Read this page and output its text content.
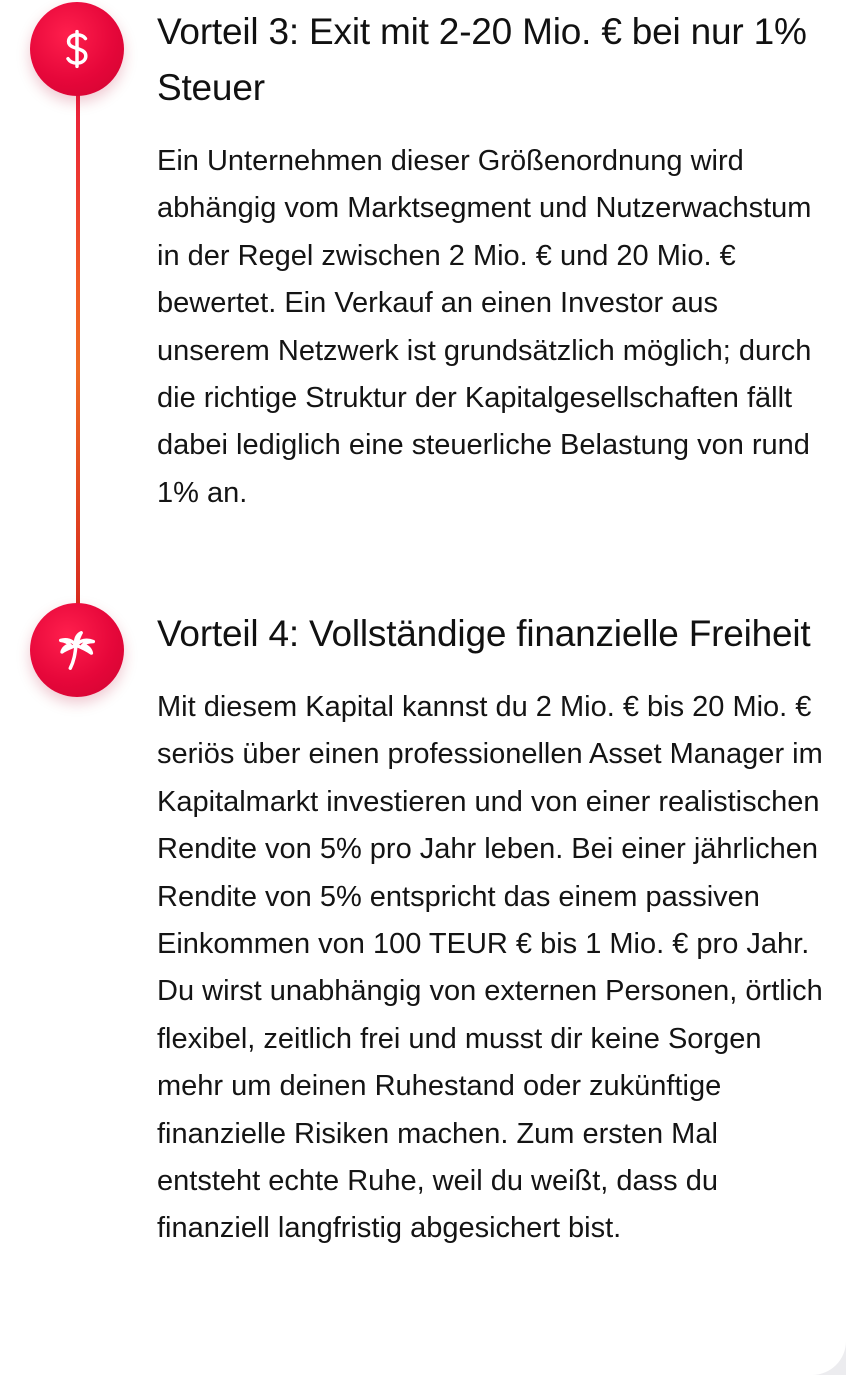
Vorteil 3: Exit mit 2-20 Mio. € bei nur 1% Steuer

Ein Unternehmen dieser Größenordnung wird abhängig vom Marktsegment und Nutzerwachstum in der Regel zwischen 2 Mio. € und 20 Mio. € bewertet. Ein Verkauf an einen Investor aus unserem Netzwerk ist grundsätzlich möglich; durch die richtige Struktur der Kapitalgesellschaften fällt dabei lediglich eine steuerliche Belastung von rund 1% an.

Vorteil 4: Vollständige finanzielle Freiheit

Mit diesem Kapital kannst du 2 Mio. € bis 20 Mio. € seriös über einen professionellen Asset Manager im Kapitalmarkt investieren und von einer realistischen Rendite von 5% pro Jahr leben. Bei einer jährlichen Rendite von 5% entspricht das einem passiven Einkommen von 100 TEUR € bis 1 Mio. € pro Jahr. Du wirst unabhängig von externen Personen, örtlich flexibel, zeitlich frei und musst dir keine Sorgen mehr um deinen Ruhestand oder zukünftige finanzielle Risiken machen. Zum ersten Mal entsteht echte Ruhe, weil du weißt, dass du finanziell langfristig abgesichert bist.
